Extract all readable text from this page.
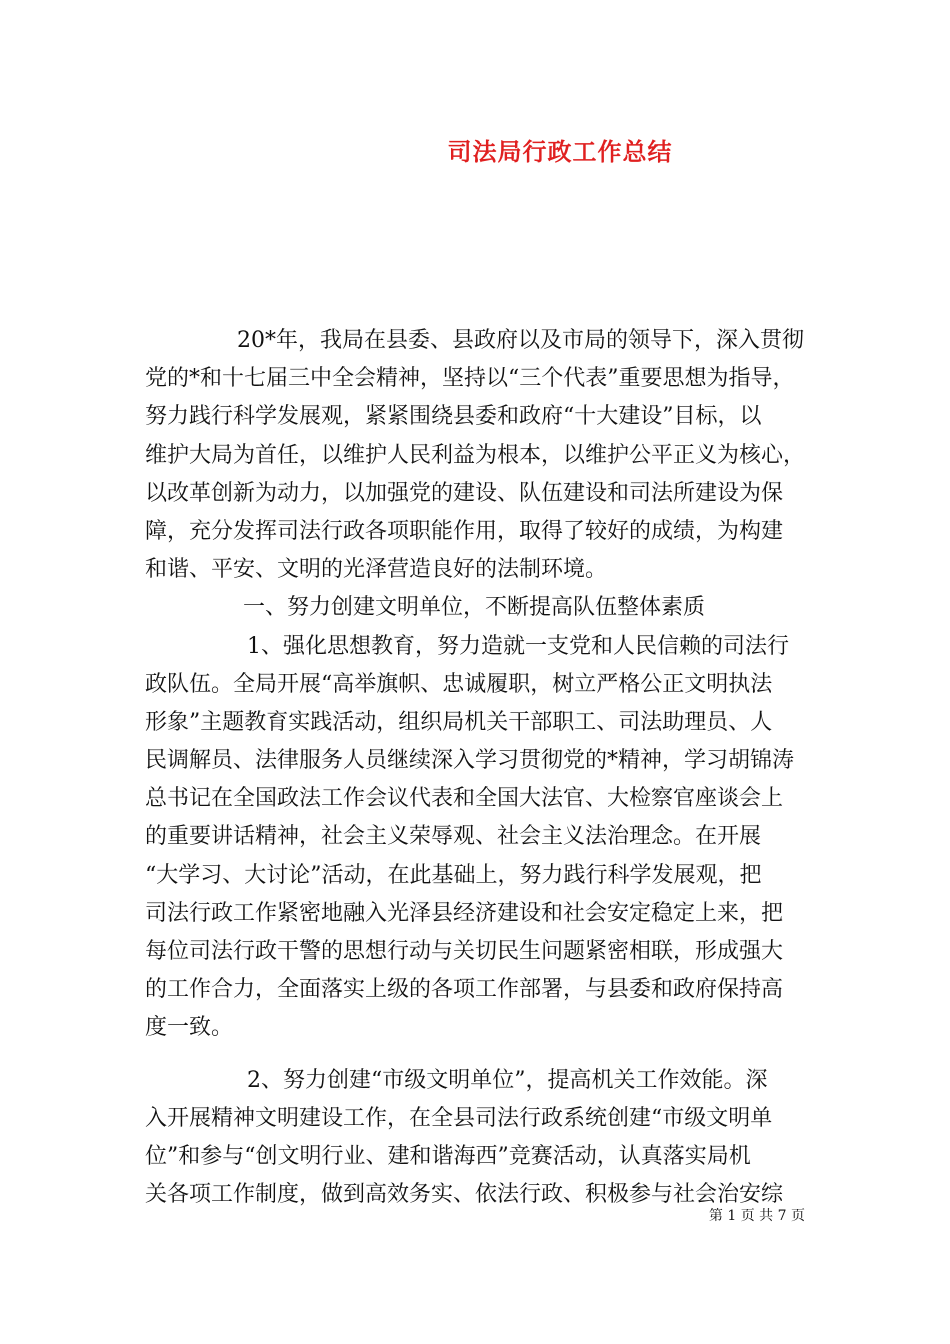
司法局行政工作总结
20*年，我局在县委、县政府以及市局的领导下，深入贯彻
党的*和十七届三中全会精神，坚持以“三个代表”重要思想为指导，
努力践行科学发展观，紧紧围绕县委和政府“十大建设”目标，以
维护大局为首任，以维护人民利益为根本，以维护公平正义为核心，
以改革创新为动力，以加强党的建设、队伍建设和司法所建设为保
障，充分发挥司法行政各项职能作用，取得了较好的成绩，为构建
和谐、平安、文明的光泽营造良好的法制环境。
一、努力创建文明单位，不断提高队伍整体素质
1、强化思想教育，努力造就一支党和人民信赖的司法行
政队伍。全局开展“高举旗帜、忠诚履职，树立严格公正文明执法
形象”主题教育实践活动，组织局机关干部职工、司法助理员、人
民调解员、法律服务人员继续深入学习贯彻党的*精神，学习胡锦涛
总书记在全国政法工作会议代表和全国大法官、大检察官座谈会上
的重要讲话精神，社会主义荣辱观、社会主义法治理念。在开展
“大学习、大讨论”活动，在此基础上，努力践行科学发展观，把
司法行政工作紧密地融入光泽县经济建设和社会安定稳定上来，把
每位司法行政干警的思想行动与关切民生问题紧密相联，形成强大
的工作合力，全面落实上级的各项工作部署，与县委和政府保持高
度一致。
2、努力创建“市级文明单位”，提高机关工作效能。深
入开展精神文明建设工作，在全县司法行政系统创建“市级文明单
位”和参与“创文明行业、建和谐海西”竞赛活动，认真落实局机
关各项工作制度，做到高效务实、依法行政、积极参与社会治安综
第 1 页 共 7 页
